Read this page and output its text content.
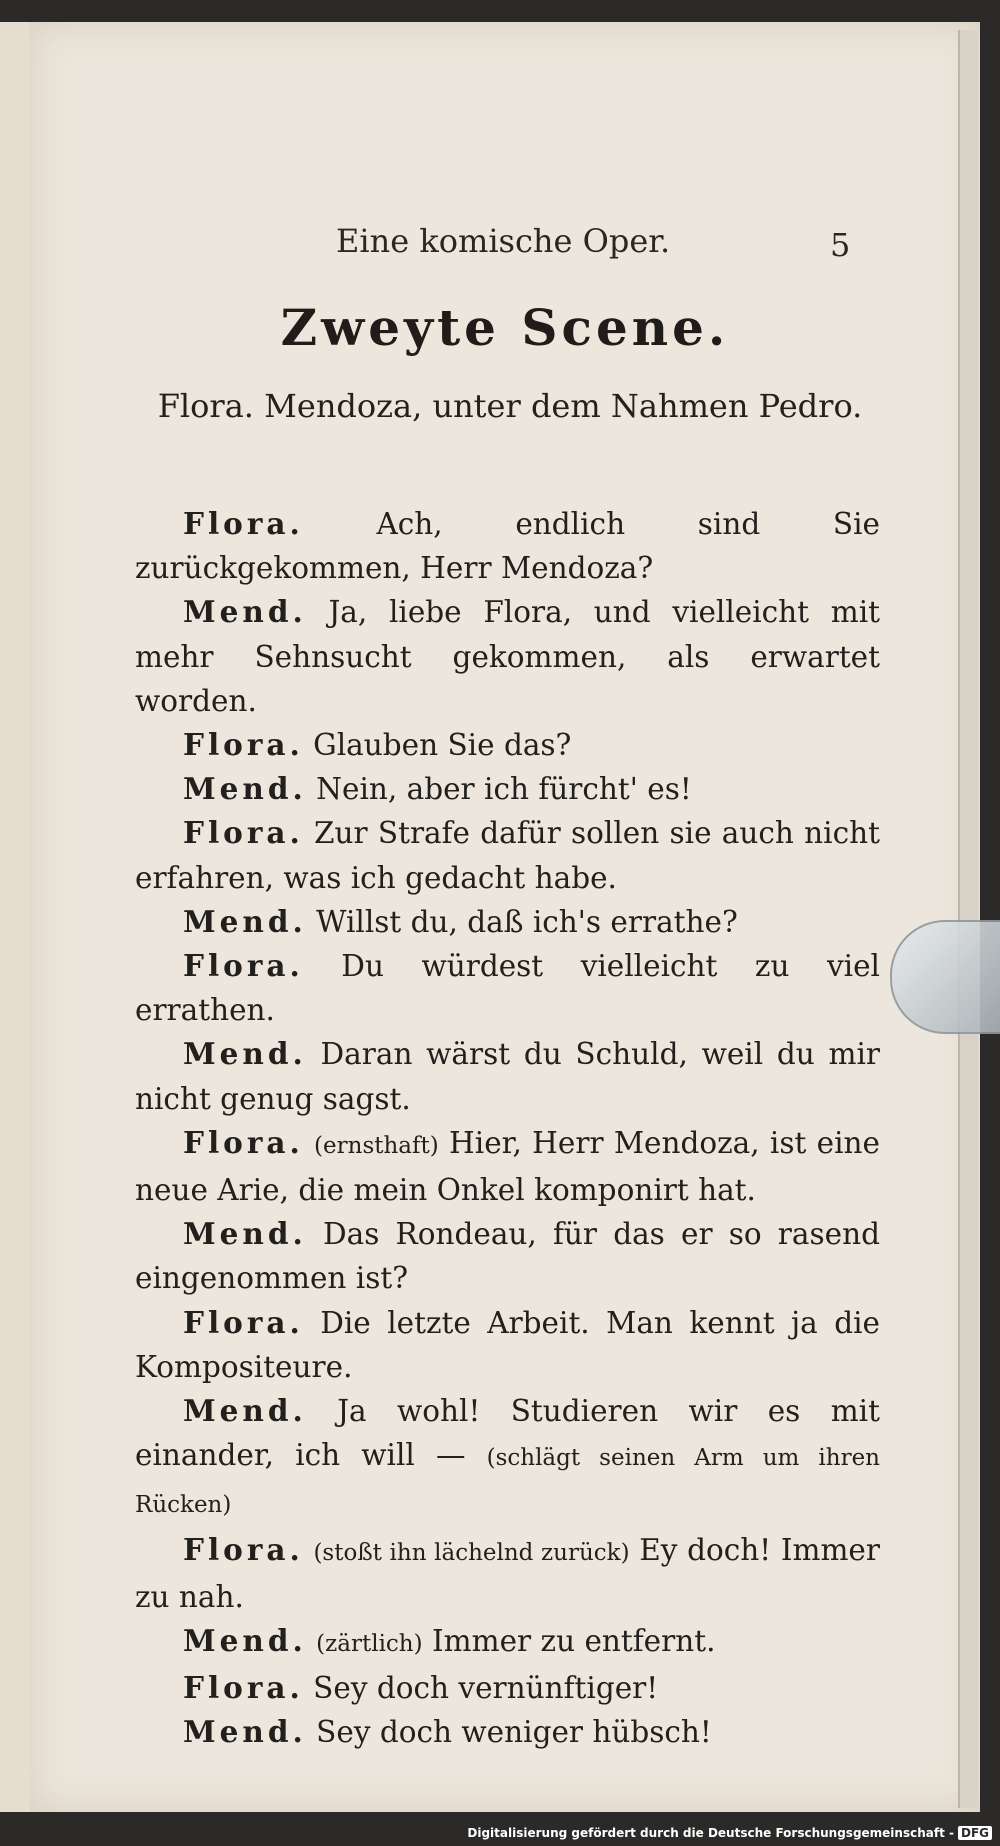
Eine komische Oper.	5
Zweyte Scene.

Flora. Mendoza, unter dem Nahmen Pedro.

Flora. Ach, endlich sind Sie zurückgekommen, Herr Mendoza?

Mend. Ja, liebe Flora, und vielleicht mit mehr Sehnsucht gekommen, als erwartet worden.

Flora. Glauben Sie das?

Mend. Nein, aber ich fürcht' es!

Flora. Zur Strafe dafür sollen sie auch nicht erfahren, was ich gedacht habe.

Mend. Willst du, daß ich's errathe?

Flora. Du würdest vielleicht zu viel errathen.

Mend. Daran wärst du Schuld, weil du mir nicht genug sagst.

Flora. (ernsthaft) Hier, Herr Mendoza, ist eine neue Arie, die mein Onkel komponirt hat.

Mend. Das Rondeau, für das er so rasend eingenommen ist?

Flora. Die letzte Arbeit. Man kennt ja die Kompositeure.

Mend. Ja wohl! Studieren wir es mit einander, ich will — (schlägt seinen Arm um ihren Rücken)

Flora. (stoßt ihn lächelnd zurück) Ey doch! Immer zu nah.

Mend. (zärtlich) Immer zu entfernt.

Flora. Sey doch vernünftiger!

Mend. Sey doch weniger hübsch!

Digitalisierung gefördert durch die Deutsche Forschungsgemeinschaft - DFG
